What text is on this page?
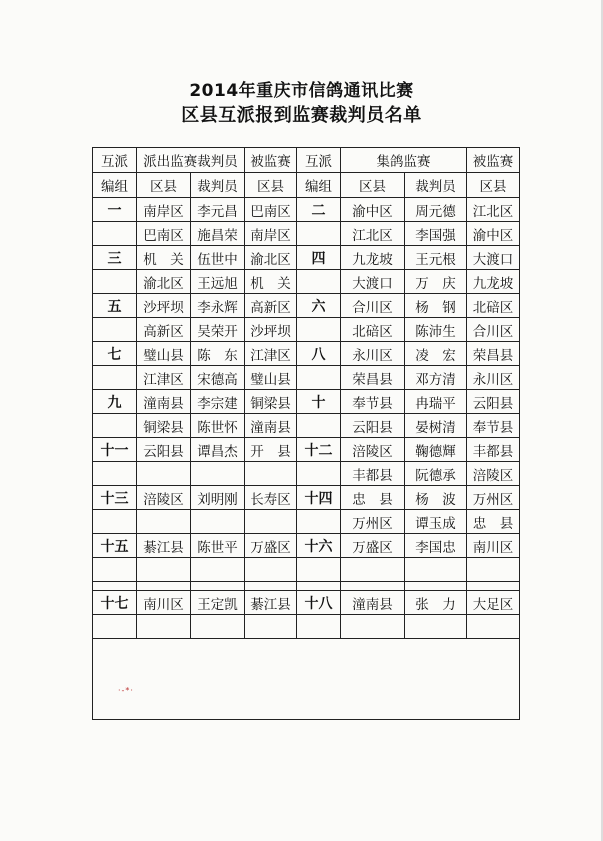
2014年重庆市信鸽通讯比赛
区县互派报到监赛裁判员名单
互派	派出监赛裁判员		被监赛	互派	集鸽监赛		被监赛
编组	区县	裁判员	区县	编组	区县	裁判员	区县
一	南岸区	李元昌	巴南区	二	渝中区	周元德	江北区
	巴南区	施昌荣	南岸区		江北区	李国强	渝中区
三	机　关	伍世中	渝北区	四	九龙坡	王元根	大渡口
	渝北区	王远旭	机　关		大渡口	万　庆	九龙坡
五	沙坪坝	李永辉	高新区	六	合川区	杨　钢	北碚区
	高新区	吴荣开	沙坪坝		北碚区	陈沛生	合川区
七	璧山县	陈　东	江津区	八	永川区	凌　宏	荣昌县
	江津区	宋德高	璧山县		荣昌县	邓方清	永川区
九	潼南县	李宗建	铜梁县	十	奉节县	冉瑞平	云阳县
	铜梁县	陈世怀	潼南县		云阳县	晏树清	奉节县
十一	云阳县	谭昌杰	开　县	十二	涪陵区	鞠德輝	丰都县
					丰都县	阮德承	涪陵区
十三	涪陵区	刘明刚	长寿区	十四	忠　县	杨　波	万州区
					万州区	谭玉成	忠　县
十五	綦江县	陈世平	万盛区	十六	万盛区	李国忠	南川区

十七	南川区	王定凯	綦江县	十八	潼南县	张　力	大足区

·-*·
